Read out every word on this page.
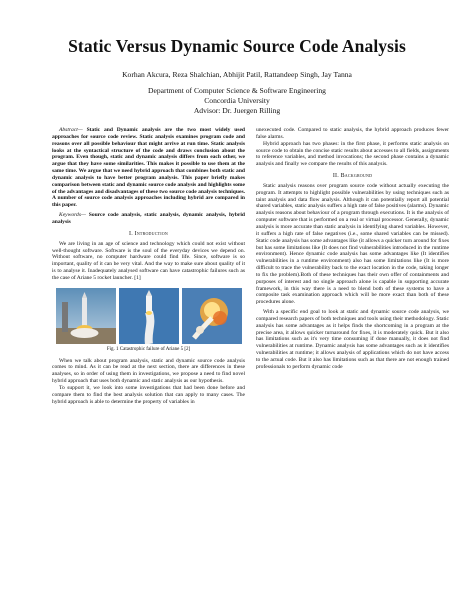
Static Versus Dynamic Source Code Analysis
Korhan Akcura, Reza Shalchian, Abhijit Patil, Rattandeep Singh, Jay Tanna
Department of Computer Science & Software Engineering
Concordia University
Advisor: Dr. Juergen Rilling

Abstract— Static and Dynamic analysis are the two most widely used approaches for source code review. Static analysis examines program code and reasons over all possible behaviour that might arrive at run time. Static analysis looks at the syntactical structure of the code and draws conclusion about the program. Even though, static and dynamic analysis differs from each other, we argue that they have some similarities. This makes it possible to use them at the same time. We argue that we need hybrid approach that combines both static and dynamic analysis to have better program analysis. This paper briefly makes comparison between static and dynamic source code analysis and highlights some of the advantages and disadvantages of these two source code analysis techniques. A number of source code analysis approaches including hybrid are compared in this paper.

Keywords— Source code analysis, static analysis, dynamic analysis, hybrid analysis

I. Introduction

We are living in an age of science and technology which could not exist without well-thought software. Software is the soul of the everyday devices we depend on. Without software, no computer hardware could find life. Since, software is so important, quality of it can be very vital. And the way to make sure about quality of it is to analyse it. Inadequately analysed software can have catastrophic failures such as the case of Ariane 5 rocket launcher. [1]

Fig. 1 Catastrophic failure of Ariane 5 [2]

When we talk about program analysis, static and dynamic source code analysis comes to mind. As it can be read at the next section, there are differences in these analyses, so in order of using them in investigations, we propose a need to find novel hybrid approach that uses both dynamic and static analysis as our hypothesis.

To support it, we look into some investigations that had been done before and compare them to find the best analysis solution that can apply to many cases. The hybrid approach is able to determine the property of variables in

unexecuted code. Compared to static analysis, the hybrid approach produces fewer false alarms.

Hybrid approach has two phases: in the first phase, it performs static analysis on source code to obtain the concise static results about accesses to all fields, assignments to reference variables, and method invocations; the second phase contains a dynamic analysis and finally we compare the results of this analysis.

II. Background

Static analysis reasons over program source code without actually executing the program. It attempts to highlight possible vulnerabilities by using techniques such as taint analysis and data flow analysis. Although it can potentially report all potential shared variables, static analysis suffers a high rate of false positives (alarms). Dynamic analysis reasons about behaviour of a program through executions. It is the analysis of computer software that is performed on a real or virtual processor. Generally, dynamic analysis is more accurate than static analysis in identifying shared variables. However, it suffers a high rate of false negatives (i.e., some shared variables can be missed). Static code analysis has some advantages like (it allows a quicker turn around for fixes but has some limitations like (It does not find vulnerabilities introduced in the runtime environment). Hence dynamic code analysis has some advantages like (It identifies vulnerabilities in a runtime environment) also has some limitations like (It is more difficult to trace the vulnerability back to the exact location in the code, taking longer to fix the problem).Both of these techniques has their own offer of containments and purposes of interest and no single approach alone is capable in supporting accurate framework, in this way there is a need to blend both of these systems to have a composite task examination approach which will be more exact than both of these procedures alone.

With a specific end goal to look at static and dynamic source code analysis, we compared research papers of both techniques and tools using their methodology. Static analysis has some advantages as it helps finds the shortcoming in a program at the precise area, it allows quicker turnaround for fixes, it is moderately quick. But it also has limitations such as it's very time consuming if done manually, it does not find vulnerabilities at runtime. Dynamic analysis has some advantages such as it identifies vulnerabilities at runtime; it allows analysis of applications which do not have access to the actual code. But it also has limitations such as that there are not enough trained professionals to perform dynamic code
